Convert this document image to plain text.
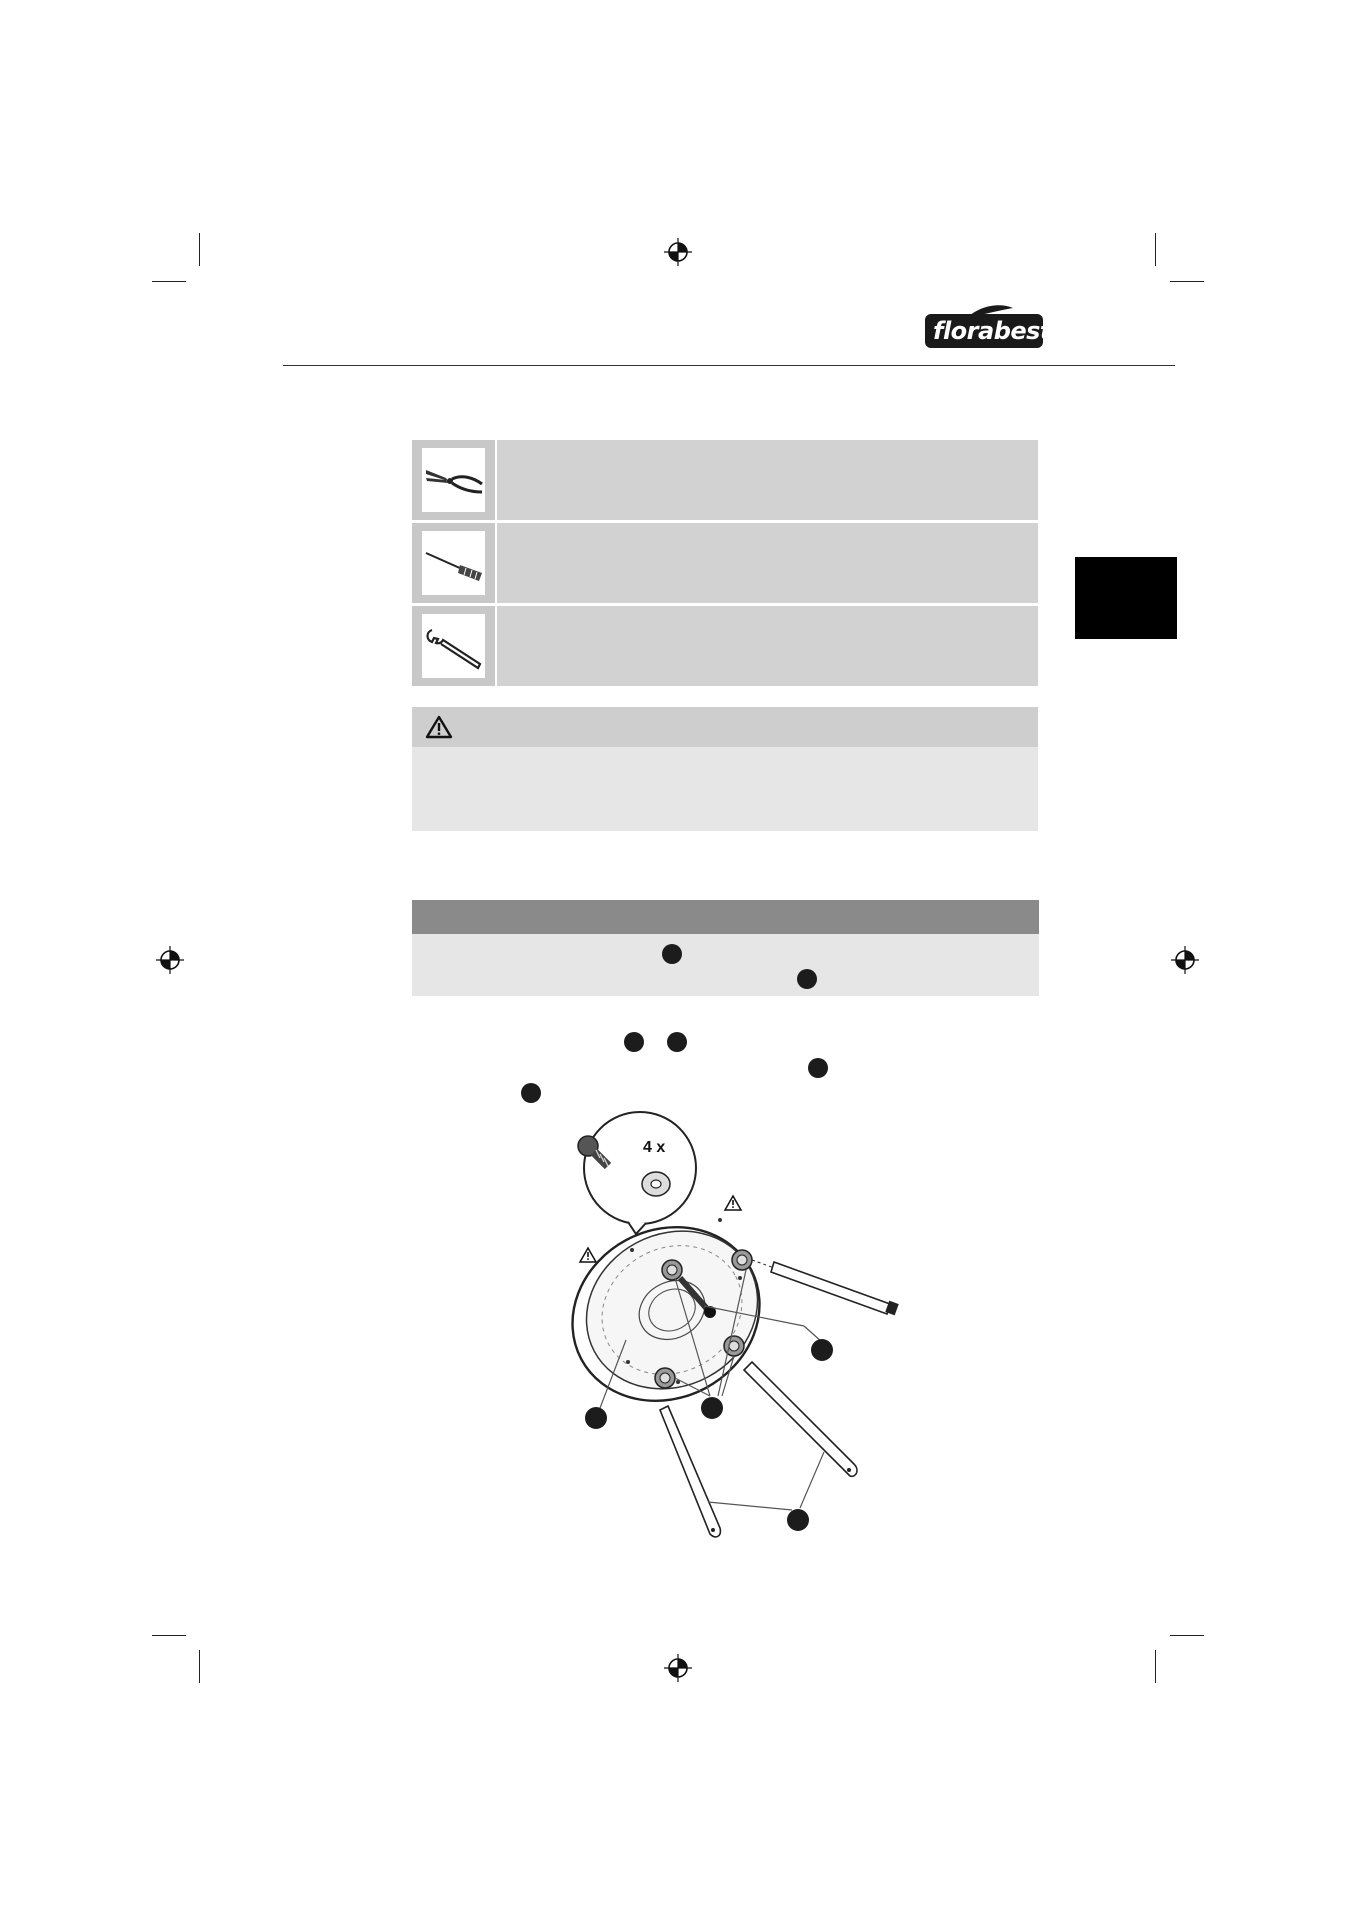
florabest
4 x
